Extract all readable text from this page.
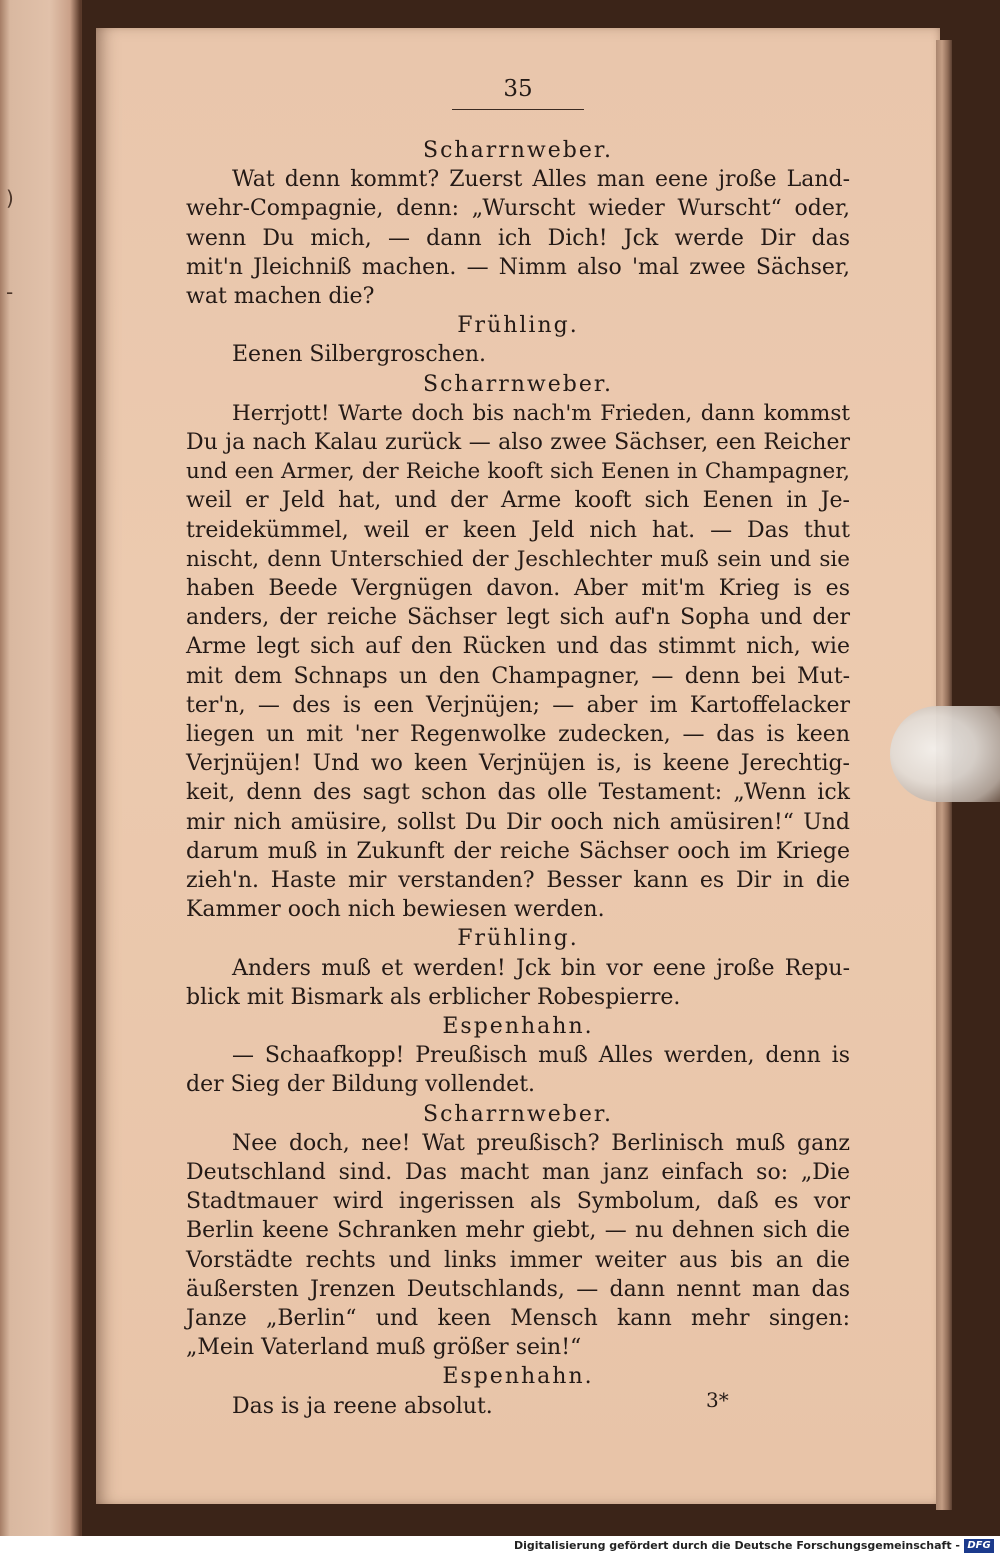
)
-
35
Scharrnweber.
Wat denn kommt? Zuerst Alles man eene jroße Land-
wehr-Compagnie, denn: „Wurscht wieder Wurscht“ oder,
wenn Du mich, — dann ich Dich! Jck werde Dir das
mit'n Jleichniß machen. — Nimm also 'mal zwee Sächser,
wat machen die?
Frühling.
Eenen Silbergroschen.
Scharrnweber.
Herrjott! Warte doch bis nach'm Frieden, dann kommst
Du ja nach Kalau zurück — also zwee Sächser, een Reicher
und een Armer, der Reiche kooft sich Eenen in Champagner,
weil er Jeld hat, und der Arme kooft sich Eenen in Je-
treidekümmel, weil er keen Jeld nich hat. — Das thut
nischt, denn Unterschied der Jeschlechter muß sein und sie
haben Beede Vergnügen davon. Aber mit'm Krieg is es
anders, der reiche Sächser legt sich auf'n Sopha und der
Arme legt sich auf den Rücken und das stimmt nich, wie
mit dem Schnaps un den Champagner, — denn bei Mut-
ter'n, — des is een Verjnüjen; — aber im Kartoffelacker
liegen un mit 'ner Regenwolke zudecken, — das is keen
Verjnüjen! Und wo keen Verjnüjen is, is keene Jerechtig-
keit, denn des sagt schon das olle Testament: „Wenn ick
mir nich amüsire, sollst Du Dir ooch nich amüsiren!“ Und
darum muß in Zukunft der reiche Sächser ooch im Kriege
zieh'n. Haste mir verstanden? Besser kann es Dir in die
Kammer ooch nich bewiesen werden.
Frühling.
Anders muß et werden! Jck bin vor eene jroße Repu-
blick mit Bismark als erblicher Robespierre.
Espenhahn.
— Schaafkopp! Preußisch muß Alles werden, denn is
der Sieg der Bildung vollendet.
Scharrnweber.
Nee doch, nee! Wat preußisch? Berlinisch muß ganz
Deutschland sind. Das macht man janz einfach so: „Die
Stadtmauer wird ingerissen als Symbolum, daß es vor
Berlin keene Schranken mehr giebt, — nu dehnen sich die
Vorstädte rechts und links immer weiter aus bis an die
äußersten Jrenzen Deutschlands, — dann nennt man das
Janze „Berlin“ und keen Mensch kann mehr singen:
„Mein Vaterland muß größer sein!“
Espenhahn.
Das is ja reene absolut.	3*
Digitalisierung gefördert durch die Deutsche Forschungsgemeinschaft - DFG
